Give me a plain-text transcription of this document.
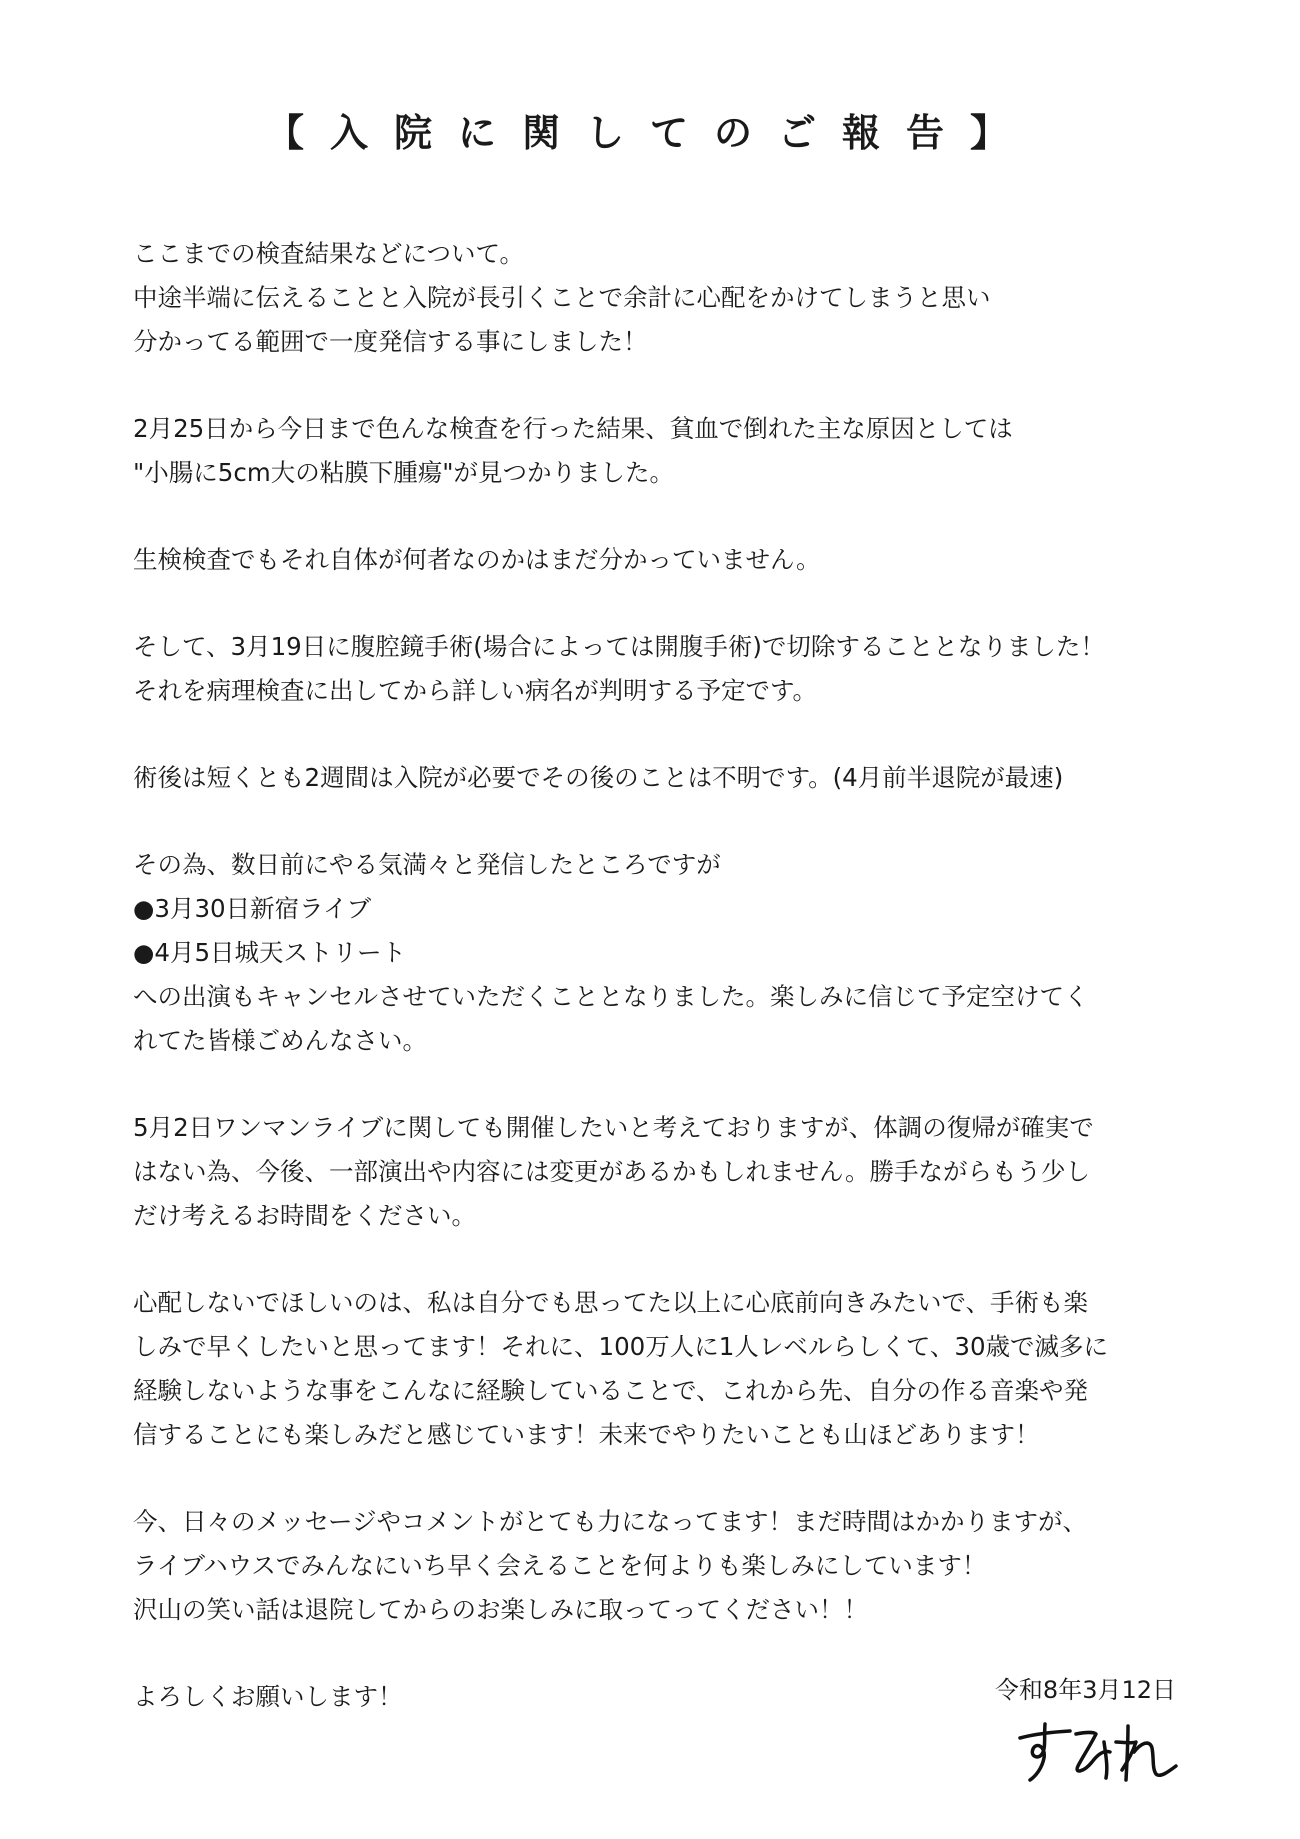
【入院に関してのご報告】
ここまでの検査結果などについて。
中途半端に伝えることと入院が長引くことで余計に心配をかけてしまうと思い
分かってる範囲で一度発信する事にしました！
2月25日から今日まで色んな検査を行った結果、貧血で倒れた主な原因としては
"小腸に5cm大の粘膜下腫瘍"が見つかりました。
生検検査でもそれ自体が何者なのかはまだ分かっていません。
そして、3月19日に腹腔鏡手術(場合によっては開腹手術)で切除することとなりました！
それを病理検査に出してから詳しい病名が判明する予定です。
術後は短くとも2週間は入院が必要でその後のことは不明です。(4月前半退院が最速)
その為、数日前にやる気満々と発信したところですが
●3月30日新宿ライブ
●4月5日城天ストリート
への出演もキャンセルさせていただくこととなりました。楽しみに信じて予定空けてく
れてた皆様ごめんなさい。
5月2日ワンマンライブに関しても開催したいと考えておりますが、体調の復帰が確実で
はない為、今後、一部演出や内容には変更があるかもしれません。勝手ながらもう少し
だけ考えるお時間をください。
心配しないでほしいのは、私は自分でも思ってた以上に心底前向きみたいで、手術も楽
しみで早くしたいと思ってます！それに、100万人に1人レベルらしくて、30歳で滅多に
経験しないような事をこんなに経験していることで、これから先、自分の作る音楽や発
信することにも楽しみだと感じています！未来でやりたいことも山ほどあります！
今、日々のメッセージやコメントがとても力になってます！まだ時間はかかりますが、
ライブハウスでみんなにいち早く会えることを何よりも楽しみにしています！
沢山の笑い話は退院してからのお楽しみに取ってってください！！
よろしくお願いします！	令和8年3月12日
